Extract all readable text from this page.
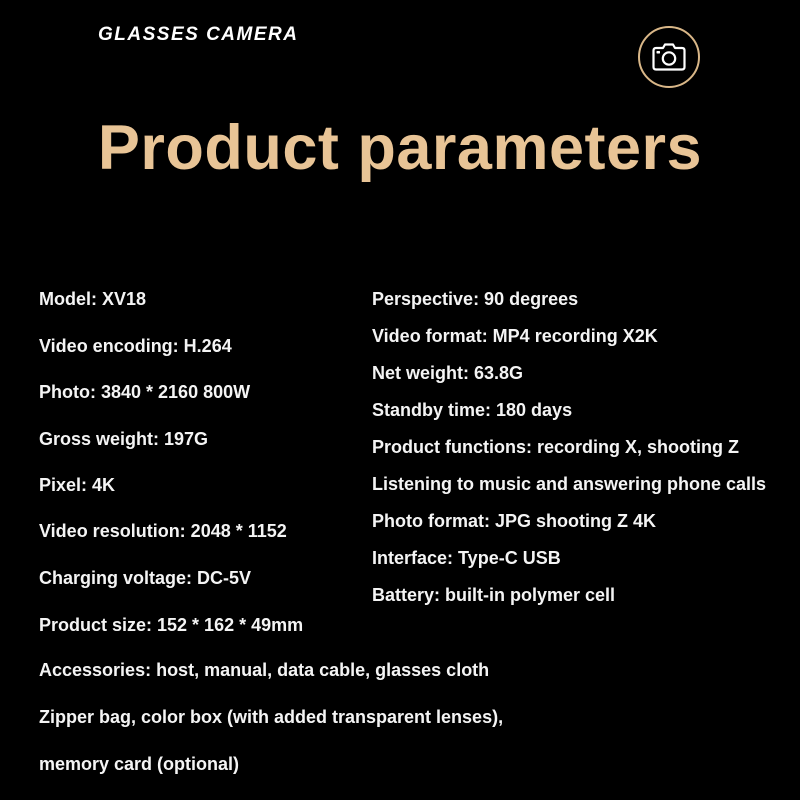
GLASSES CAMERA
Product parameters
Model: XV18
Video encoding: H.264
Photo: 3840 * 2160 800W
Gross weight: 197G
Pixel: 4K
Video resolution: 2048 * 1152
Charging voltage: DC-5V
Product size: 152 * 162 * 49mm
Perspective: 90 degrees
Video format: MP4 recording X2K
Net weight: 63.8G
Standby time: 180 days
Product functions: recording X, shooting Z
Listening to music and answering phone calls
Photo format: JPG shooting Z 4K
Interface: Type-C USB
Battery: built-in polymer cell
Accessories: host, manual, data cable, glasses cloth
Zipper bag, color box (with added transparent lenses),
memory card (optional)
